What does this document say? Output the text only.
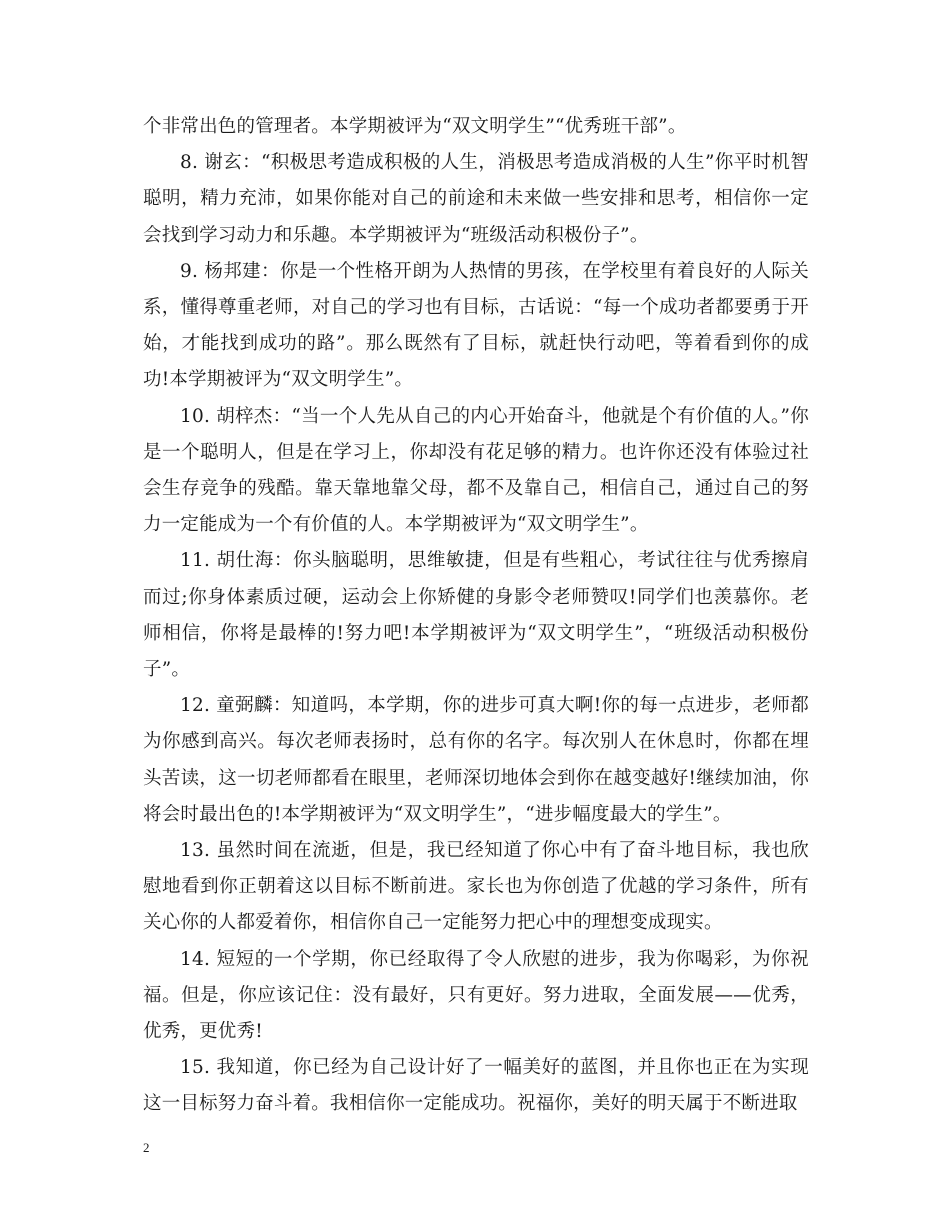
个非常出色的管理者。本学期被评为“双文明学生”“优秀班干部”。

8. 谢玄：“积极思考造成积极的人生，消极思考造成消极的人生”你平时机智聪明，精力充沛，如果你能对自己的前途和未来做一些安排和思考，相信你一定会找到学习动力和乐趣。本学期被评为“班级活动积极份子”。

9. 杨邦建：你是一个性格开朗为人热情的男孩，在学校里有着良好的人际关系，懂得尊重老师，对自己的学习也有目标，古话说：“每一个成功者都要勇于开始，才能找到成功的路”。那么既然有了目标，就赶快行动吧，等着看到你的成功!本学期被评为“双文明学生”。

10. 胡梓杰：“当一个人先从自己的内心开始奋斗，他就是个有价值的人。”你是一个聪明人，但是在学习上，你却没有花足够的精力。也许你还没有体验过社会生存竞争的残酷。靠天靠地靠父母，都不及靠自己，相信自己，通过自己的努力一定能成为一个有价值的人。本学期被评为“双文明学生”。

11. 胡仕海：你头脑聪明，思维敏捷，但是有些粗心，考试往往与优秀擦肩而过;你身体素质过硬，运动会上你矫健的身影令老师赞叹!同学们也羡慕你。老师相信，你将是最棒的!努力吧!本学期被评为“双文明学生”，“班级活动积极份子”。

12. 童弼麟：知道吗，本学期，你的进步可真大啊!你的每一点进步，老师都为你感到高兴。每次老师表扬时，总有你的名字。每次别人在休息时，你都在埋头苦读，这一切老师都看在眼里，老师深切地体会到你在越变越好!继续加油，你将会时最出色的!本学期被评为“双文明学生”，“进步幅度最大的学生”。

13. 虽然时间在流逝，但是，我已经知道了你心中有了奋斗地目标，我也欣慰地看到你正朝着这以目标不断前进。家长也为你创造了优越的学习条件，所有关心你的人都爱着你，相信你自己一定能努力把心中的理想变成现实。

14. 短短的一个学期，你已经取得了令人欣慰的进步，我为你喝彩，为你祝福。但是，你应该记住：没有最好，只有更好。努力进取，全面发展——优秀，优秀，更优秀!

15. 我知道，你已经为自己设计好了一幅美好的蓝图，并且你也正在为实现这一目标努力奋斗着。我相信你一定能成功。祝福你，美好的明天属于不断进取

2
